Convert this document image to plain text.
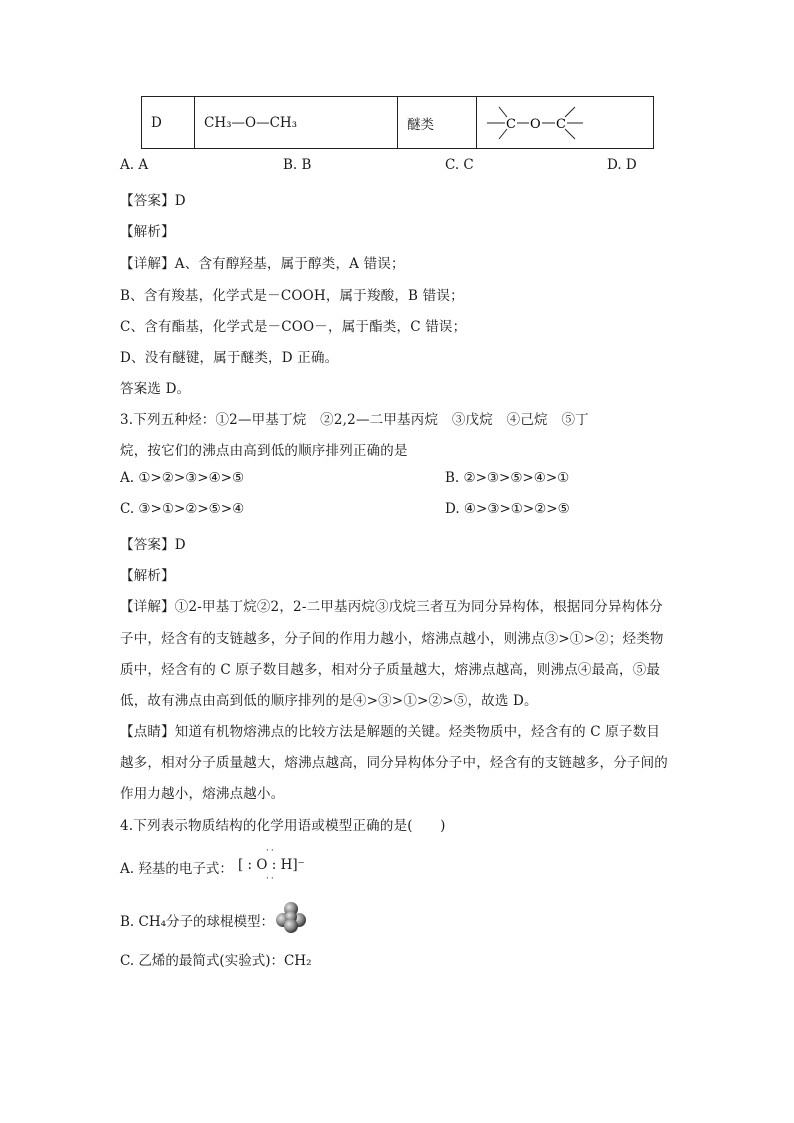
D	CH₃—O—CH₃	醚类	C O C
A. A	B. B	C. C	D. D
【答案】D
【解析】
【详解】A、含有醇羟基，属于醇类，A 错误；
B、含有羧基，化学式是－COOH，属于羧酸，B 错误；
C、含有酯基，化学式是－COO－，属于酯类，C 错误；
D、没有醚键，属于醚类，D 正确。
答案选 D。
3.下列五种烃：①2—甲基丁烷　②2,2—二甲基丙烷　③戊烷　④己烷　⑤丁
烷，按它们的沸点由高到低的顺序排列正确的是
A. ①>②>③>④>⑤	B. ②>③>⑤>④>①
C. ③>①>②>⑤>④	D. ④>③>①>②>⑤
【答案】D
【解析】
【详解】①2-甲基丁烷②2，2-二甲基丙烷③戊烷三者互为同分异构体，根据同分异构体分
子中，烃含有的支链越多，分子间的作用力越小，熔沸点越小，则沸点③>①>②；烃类物
质中，烃含有的 C 原子数目越多，相对分子质量越大，熔沸点越高，则沸点④最高，⑤最
低，故有沸点由高到低的顺序排列的是④>③>①>②>⑤，故选 D。
【点睛】知道有机物熔沸点的比较方法是解题的关键。烃类物质中，烃含有的 C 原子数目
越多，相对分子质量越大，熔沸点越高，同分异构体分子中，烃含有的支链越多，分子间的
作用力越小，熔沸点越小。
4.下列表示物质结构的化学用语或模型正确的是(　　)
A. 羟基的电子式： [ : O : H]⁻
··
··
B. CH₄分子的球棍模型：
C. 乙烯的最简式(实验式)：CH₂
